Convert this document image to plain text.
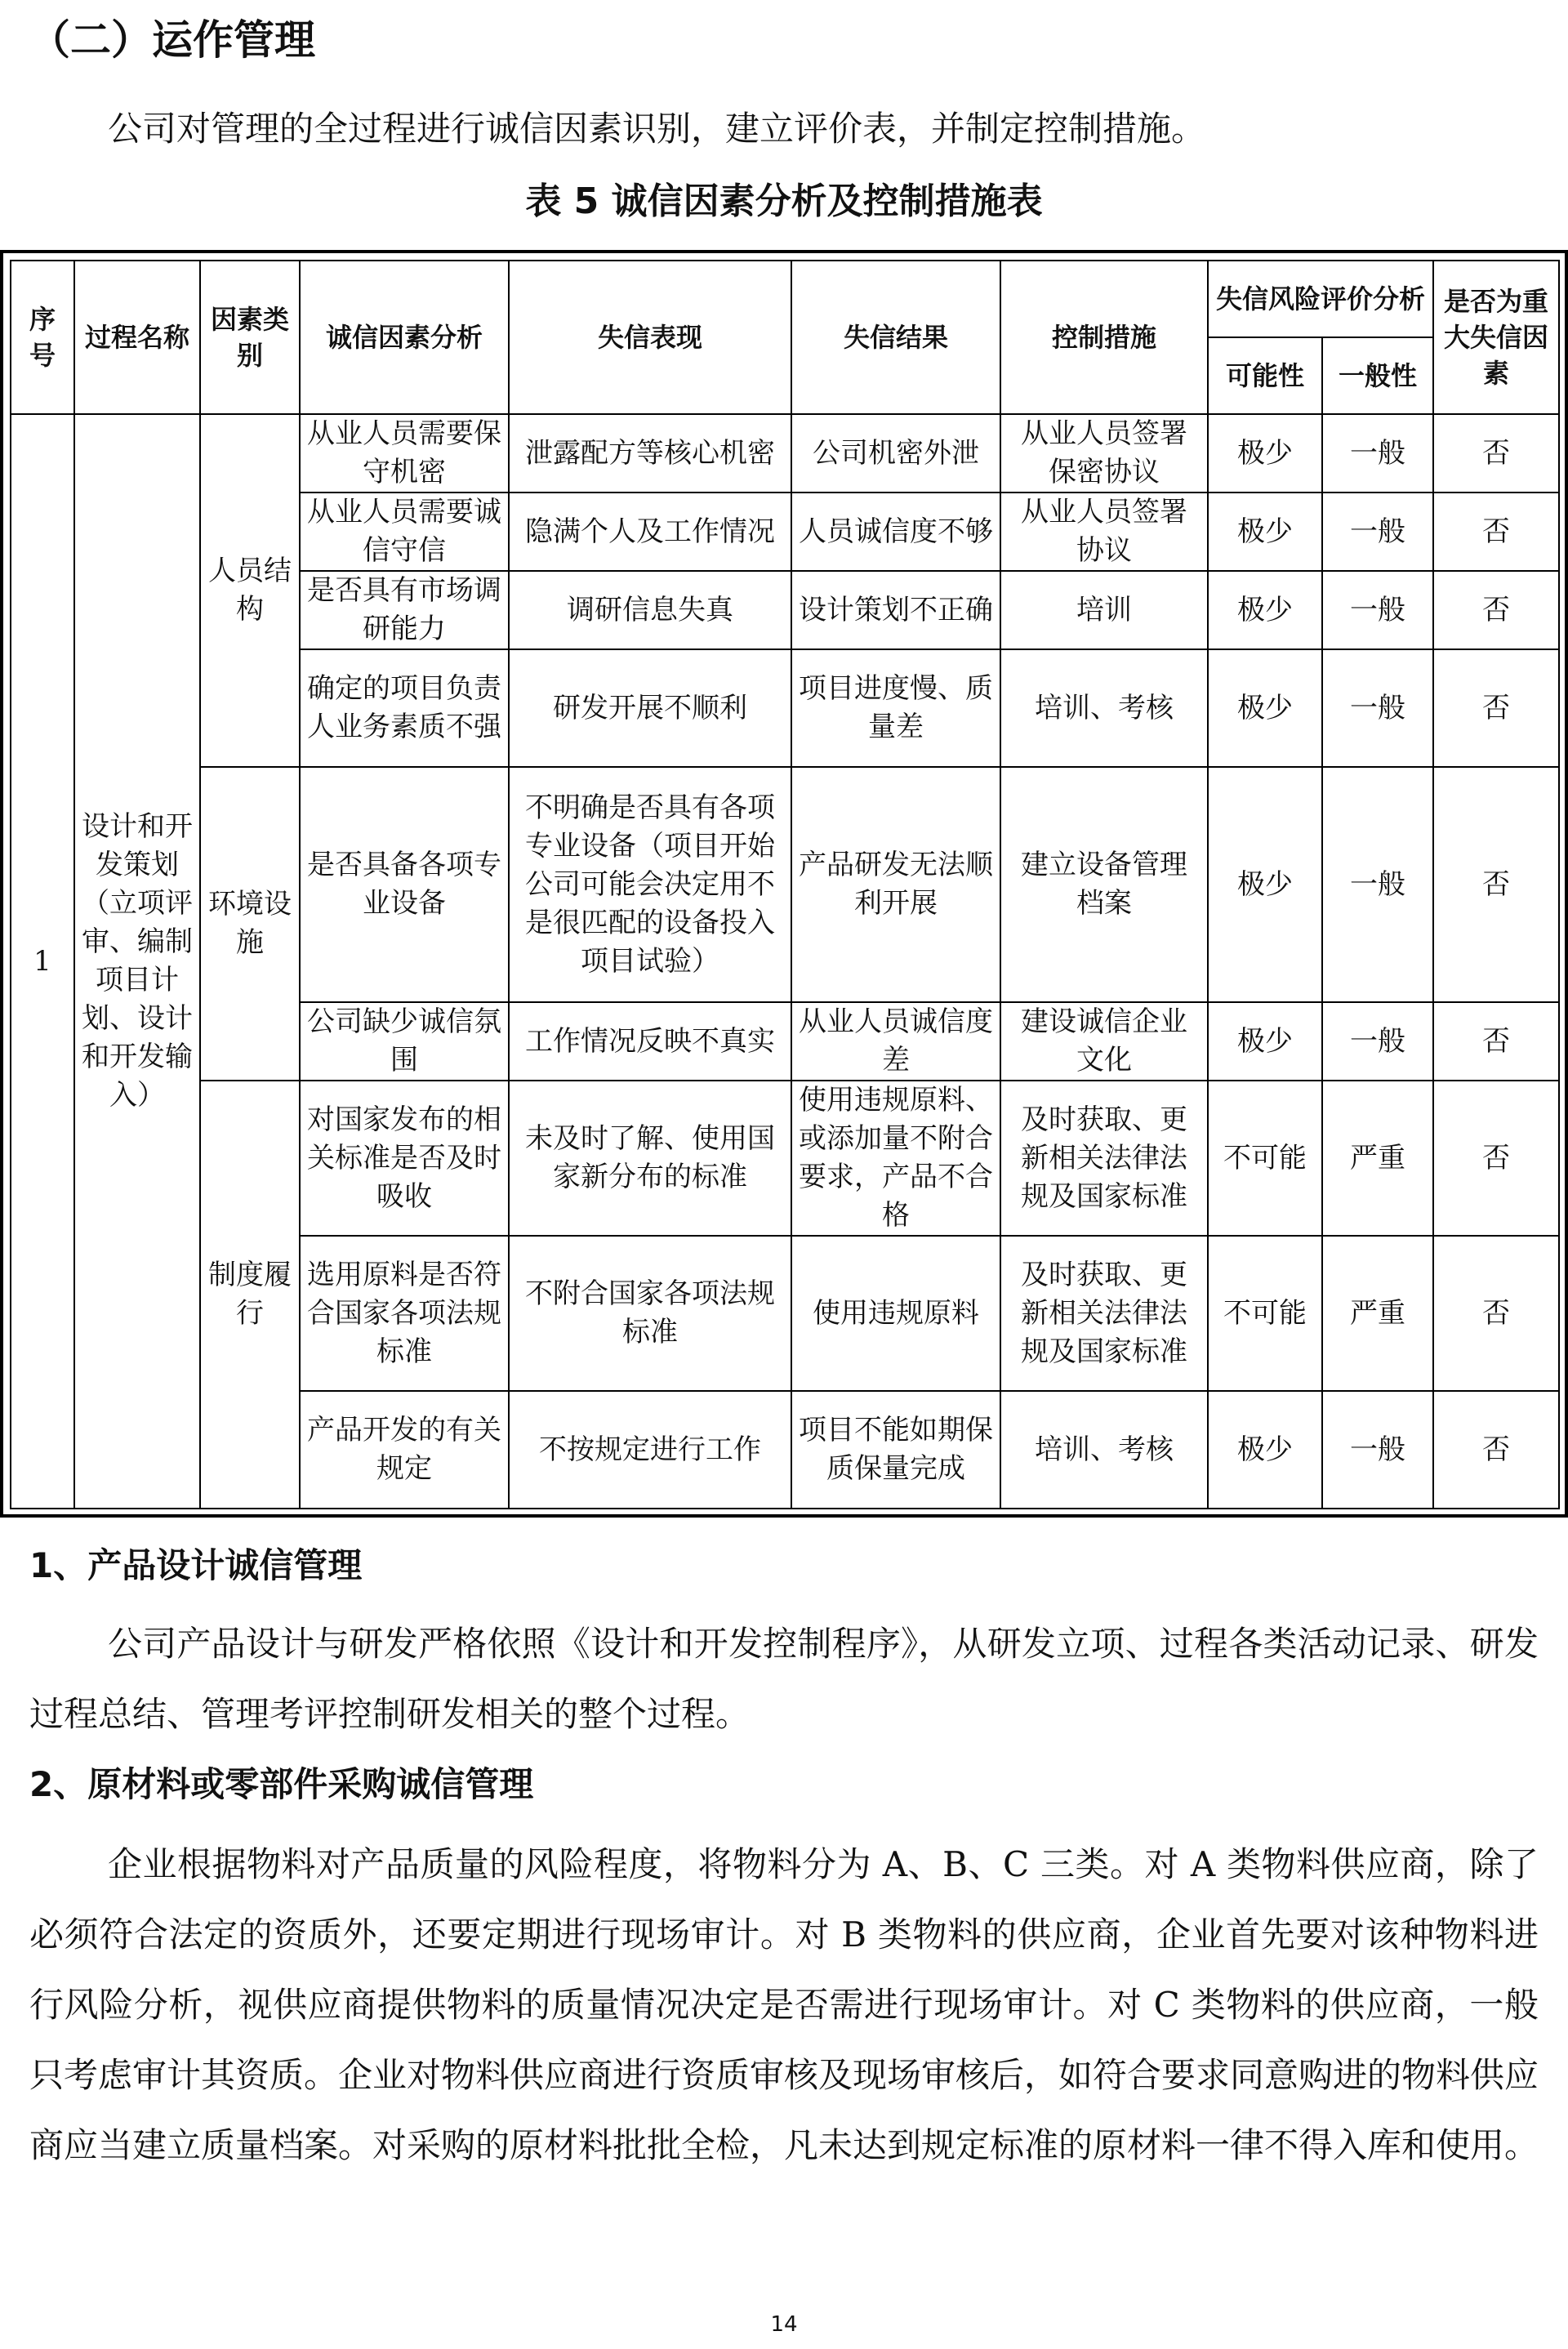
（二）运作管理

公司对管理的全过程进行诚信因素识别，建立评价表，并制定控制措施。

表 5 诚信因素分析及控制措施表
序号	过程名称	因素类别	诚信因素分析	失信表现	失信结果	控制措施	失信风险评价分析		是否为重大失信因素
							可能性	一般性	
1	设计和开发策划（立项评审、编制项目计划、设计和开发输入）	人员结构	从业人员需要保守机密	泄露配方等核心机密	公司机密外泄	从业人员签署保密协议	极少	一般	否
			从业人员需要诚信守信	隐满个人及工作情况	人员诚信度不够	从业人员签署协议	极少	一般	否
			是否具有市场调研能力	调研信息失真	设计策划不正确	培训	极少	一般	否
			确定的项目负责人业务素质不强	研发开展不顺利	项目进度慢、质量差	培训、考核	极少	一般	否
		环境设施	是否具备各项专业设备	不明确是否具有各项专业设备（项目开始公司可能会决定用不是很匹配的设备投入项目试验）	产品研发无法顺利开展	建立设备管理档案	极少	一般	否
			公司缺少诚信氛围	工作情况反映不真实	从业人员诚信度差	建设诚信企业文化	极少	一般	否
		制度履行	对国家发布的相关标准是否及时吸收	未及时了解、使用国家新分布的标准	使用违规原料、或添加量不附合要求，产品不合格	及时获取、更新相关法律法规及国家标准	不可能	严重	否
			选用原料是否符合国家各项法规标准	不附合国家各项法规标准	使用违规原料	及时获取、更新相关法律法规及国家标准	不可能	严重	否
			产品开发的有关规定	不按规定进行工作	项目不能如期保质保量完成	培训、考核	极少	一般	否
1、产品设计诚信管理

公司产品设计与研发严格依照《设计和开发控制程序》，从研发立项、过程各类活动记录、研发过程总结、管理考评控制研发相关的整个过程。

2、原材料或零部件采购诚信管理

企业根据物料对产品质量的风险程度，将物料分为 A、B、C 三类。对 A 类物料供应商，除了必须符合法定的资质外，还要定期进行现场审计。对 B 类物料的供应商，企业首先要对该种物料进行风险分析，视供应商提供物料的质量情况决定是否需进行现场审计。对 C 类物料的供应商，一般只考虑审计其资质。企业对物料供应商进行资质审核及现场审核后，如符合要求同意购进的物料供应商应当建立质量档案。对采购的原材料批批全检，凡未达到规定标准的原材料一律不得入库和使用。

14
